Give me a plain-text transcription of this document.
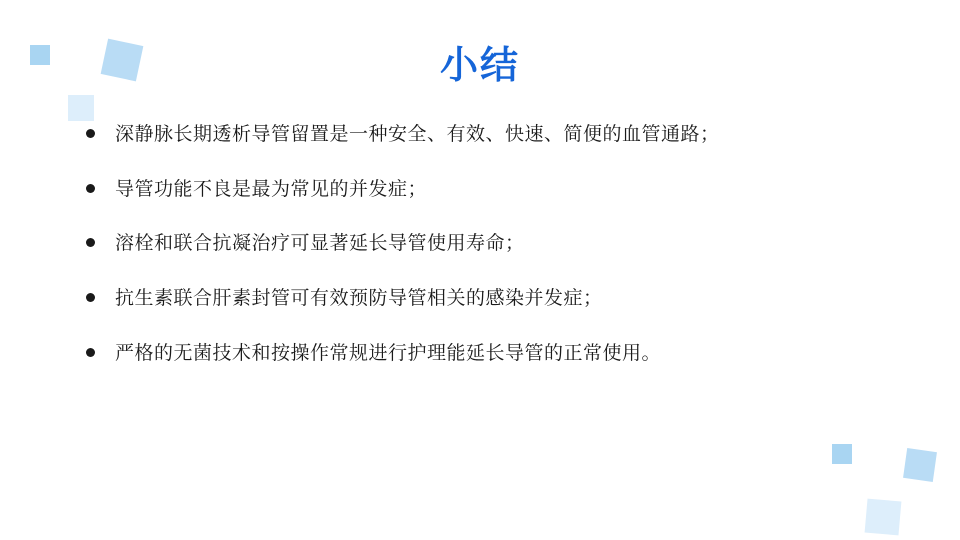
小结
深静脉长期透析导管留置是一种安全、有效、快速、简便的血管通路；
导管功能不良是最为常见的并发症；
溶栓和联合抗凝治疗可显著延长导管使用寿命；
抗生素联合肝素封管可有效预防导管相关的感染并发症；
严格的无菌技术和按操作常规进行护理能延长导管的正常使用。
